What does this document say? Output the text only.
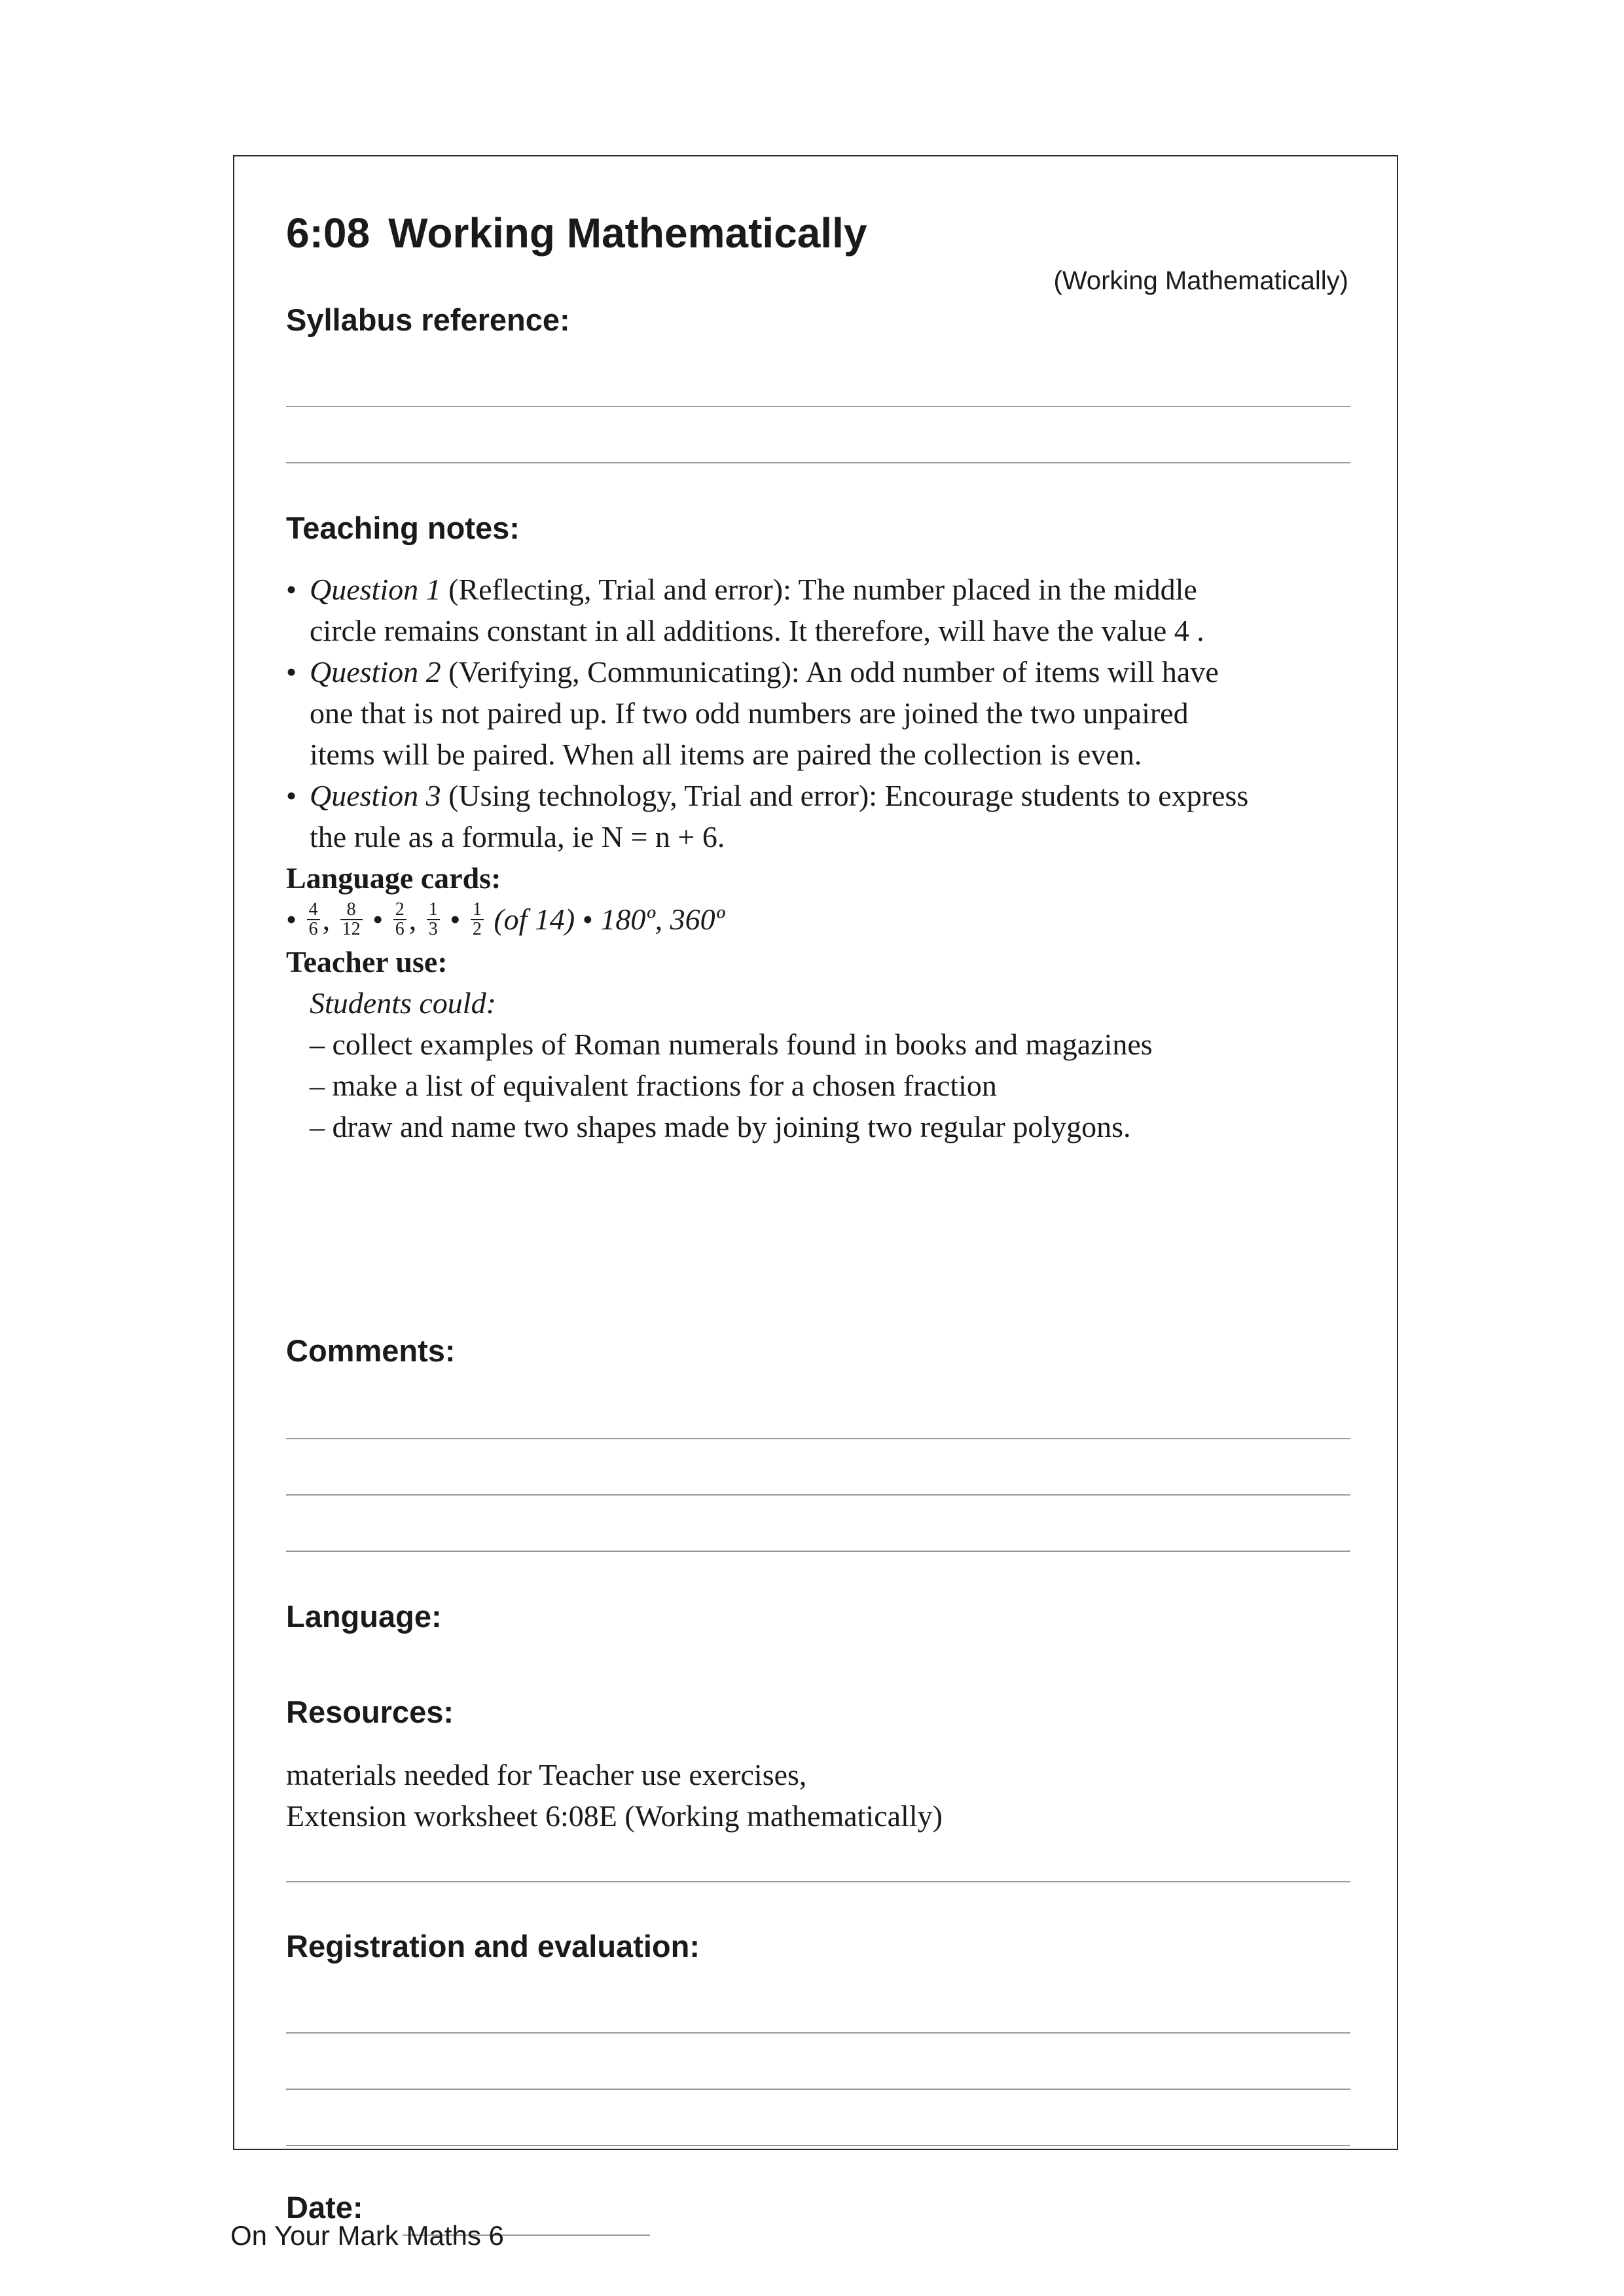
6:08 Working Mathematically
(Working Mathematically)
Syllabus reference:
Teaching notes:
• Question 1 (Reflecting, Trial and error): The number placed in the middle
circle remains constant in all additions. It therefore, will have the value 4 .
• Question 2 (Verifying, Communicating): An odd number of items will have
one that is not paired up. If two odd numbers are joined the two unpaired
items will be paired. When all items are paired the collection is even.
• Question 3 (Using technology, Trial and error): Encourage students to express
the rule as a formula, ie N = n + 6.
Language cards:
• $\frac{4}{6}$ , $\frac{8}{12}$ • $\frac{2}{6}$ , $\frac{1}{3}$ • $\frac{1}{2} (of$ 14) • 180º, 360º
Teacher use:
Students could:
– collect examples of Roman numerals found in books and magazines
– make a list of equivalent fractions for a chosen fraction
– draw and name two shapes made by joining two regular polygons.
Comments:
Language:
Resources:
materials needed for Teacher use exercises,
Extension worksheet 6:08E (Working mathematically)
Registration and evaluation:
Date:
On Your Mark Maths 6
